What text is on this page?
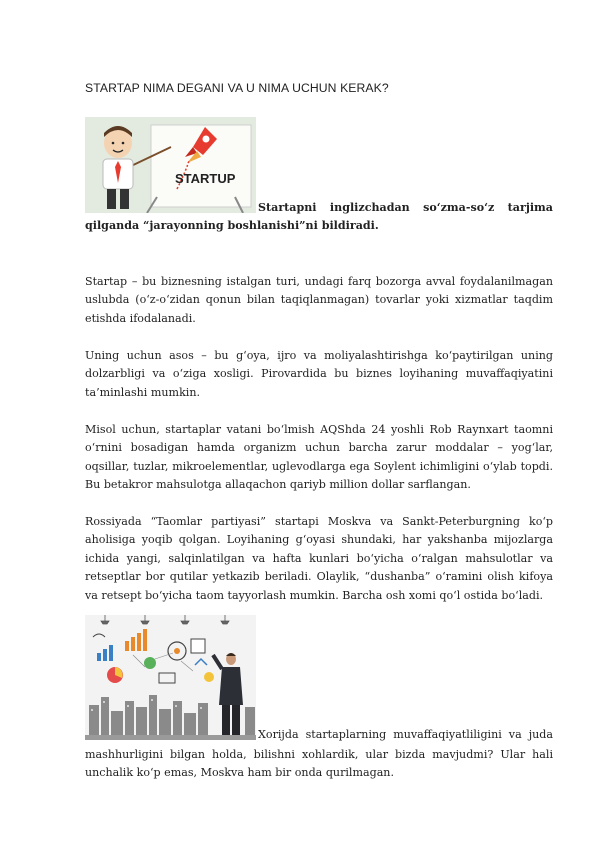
STARTAP NIMA DEGANI VA U NIMA UCHUN KERAK?
STARTUP
Startapni inglizchadan so‘zma-so‘z tarjima
qilganda “jarayonning boshlanishi”ni bildiradi.
Startap – bu biznesning istalgan turi, undagi farq bozorga avval foydalanilmagan uslubda (o‘z-o‘zidan qonun bilan taqiqlanmagan) tovarlar yoki xizmatlar taqdim etishda ifodalanadi.
Uning uchun asos – bu g‘oya, ijro va moliyalashtirishga ko‘paytirilgan uning dolzarbligi va o‘ziga xosligi. Pirovardida bu biznes loyihaning muvaffaqiyatini ta’minlashi mumkin.
Misol uchun, startaplar vatani bo‘lmish AQShda 24 yoshli Rob Raynxart taomni o‘rnini bosadigan hamda organizm uchun barcha zarur moddalar – yog‘lar, oqsillar, tuzlar, mikroelementlar, uglevodlarga ega Soylent ichimligini o‘ylab topdi. Bu betakror mahsulotga allaqachon qariyb million dollar sarflangan.
Rossiyada “Taomlar partiyasi” startapi Moskva va Sankt-Peterburgning ko‘p aholisiga yoqib qolgan. Loyihaning g‘oyasi shundaki, har yakshanba mijozlarga ichida yangi, salqinlatilgan va hafta kunlari bo‘yicha o‘ralgan mahsulotlar va retseptlar bor qutilar yetkazib beriladi. Olaylik, “dushanba” o‘ramini olish kifoya va retsept bo‘yicha taom tayyorlash mumkin. Barcha osh xomi qo‘l ostida bo‘ladi.
Xorijda startaplarning muvaffaqiyatliligini va juda
mashhurligini bilgan holda, bilishni xohlardik, ular bizda mavjudmi? Ular hali unchalik ko‘p emas, Moskva ham bir onda qurilmagan.
